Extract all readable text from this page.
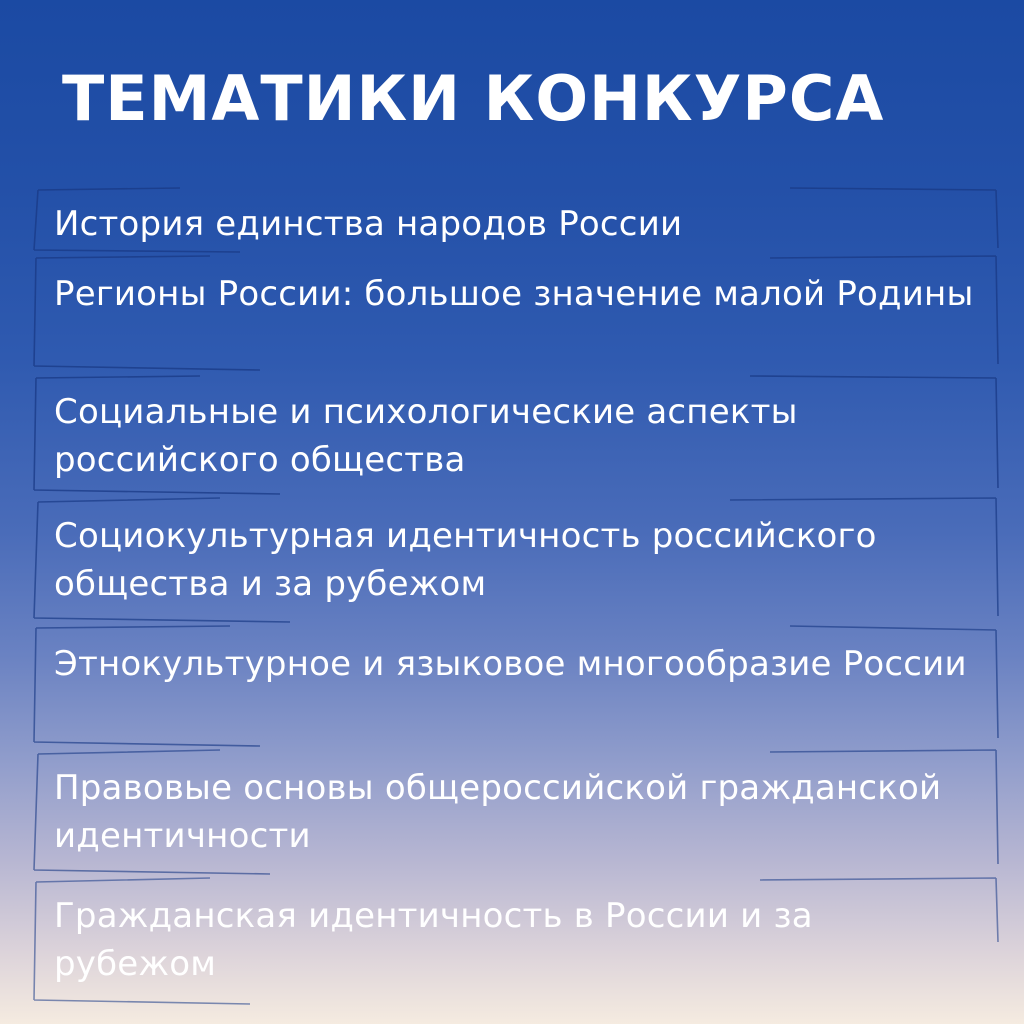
ТЕМАТИКИ КОНКУРСА
История единства народов России
Регионы России: большое значение малой Родины
Социальные и психологические аспекты российского общества
Социокультурная идентичность российского общества и за рубежом
Этнокультурное и языковое многообразие России
Правовые основы общероссийской гражданской идентичности
Гражданская идентичность в России и за рубежом
